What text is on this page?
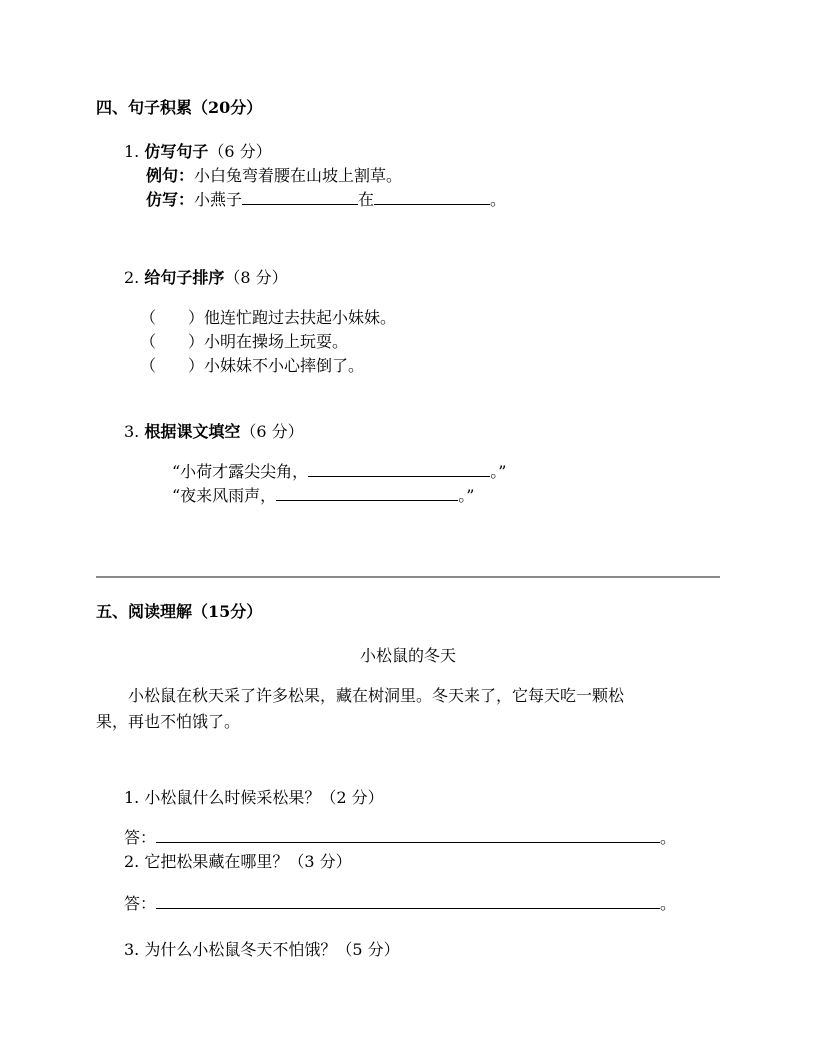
四、句子积累（20分）
1. 仿写句子（6 分）
例句：小白兔弯着腰在山坡上割草。
仿写：小燕子	在	。
2. 给句子排序（8 分）
（　　）他连忙跑过去扶起小妹妹。
（　　）小明在操场上玩耍。
（　　）小妹妹不小心摔倒了。
3. 根据课文填空（6 分）
“小荷才露尖尖角，	。”
“夜来风雨声，	。”
五、阅读理解（15分）
小松鼠的冬天
小松鼠在秋天采了许多松果，藏在树洞里。冬天来了，它每天吃一颗松
果，再也不怕饿了。
1. 小松鼠什么时候采松果？（2 分）
答：	。
2. 它把松果藏在哪里？（3 分）
答：	。
3. 为什么小松鼠冬天不怕饿？（5 分）
